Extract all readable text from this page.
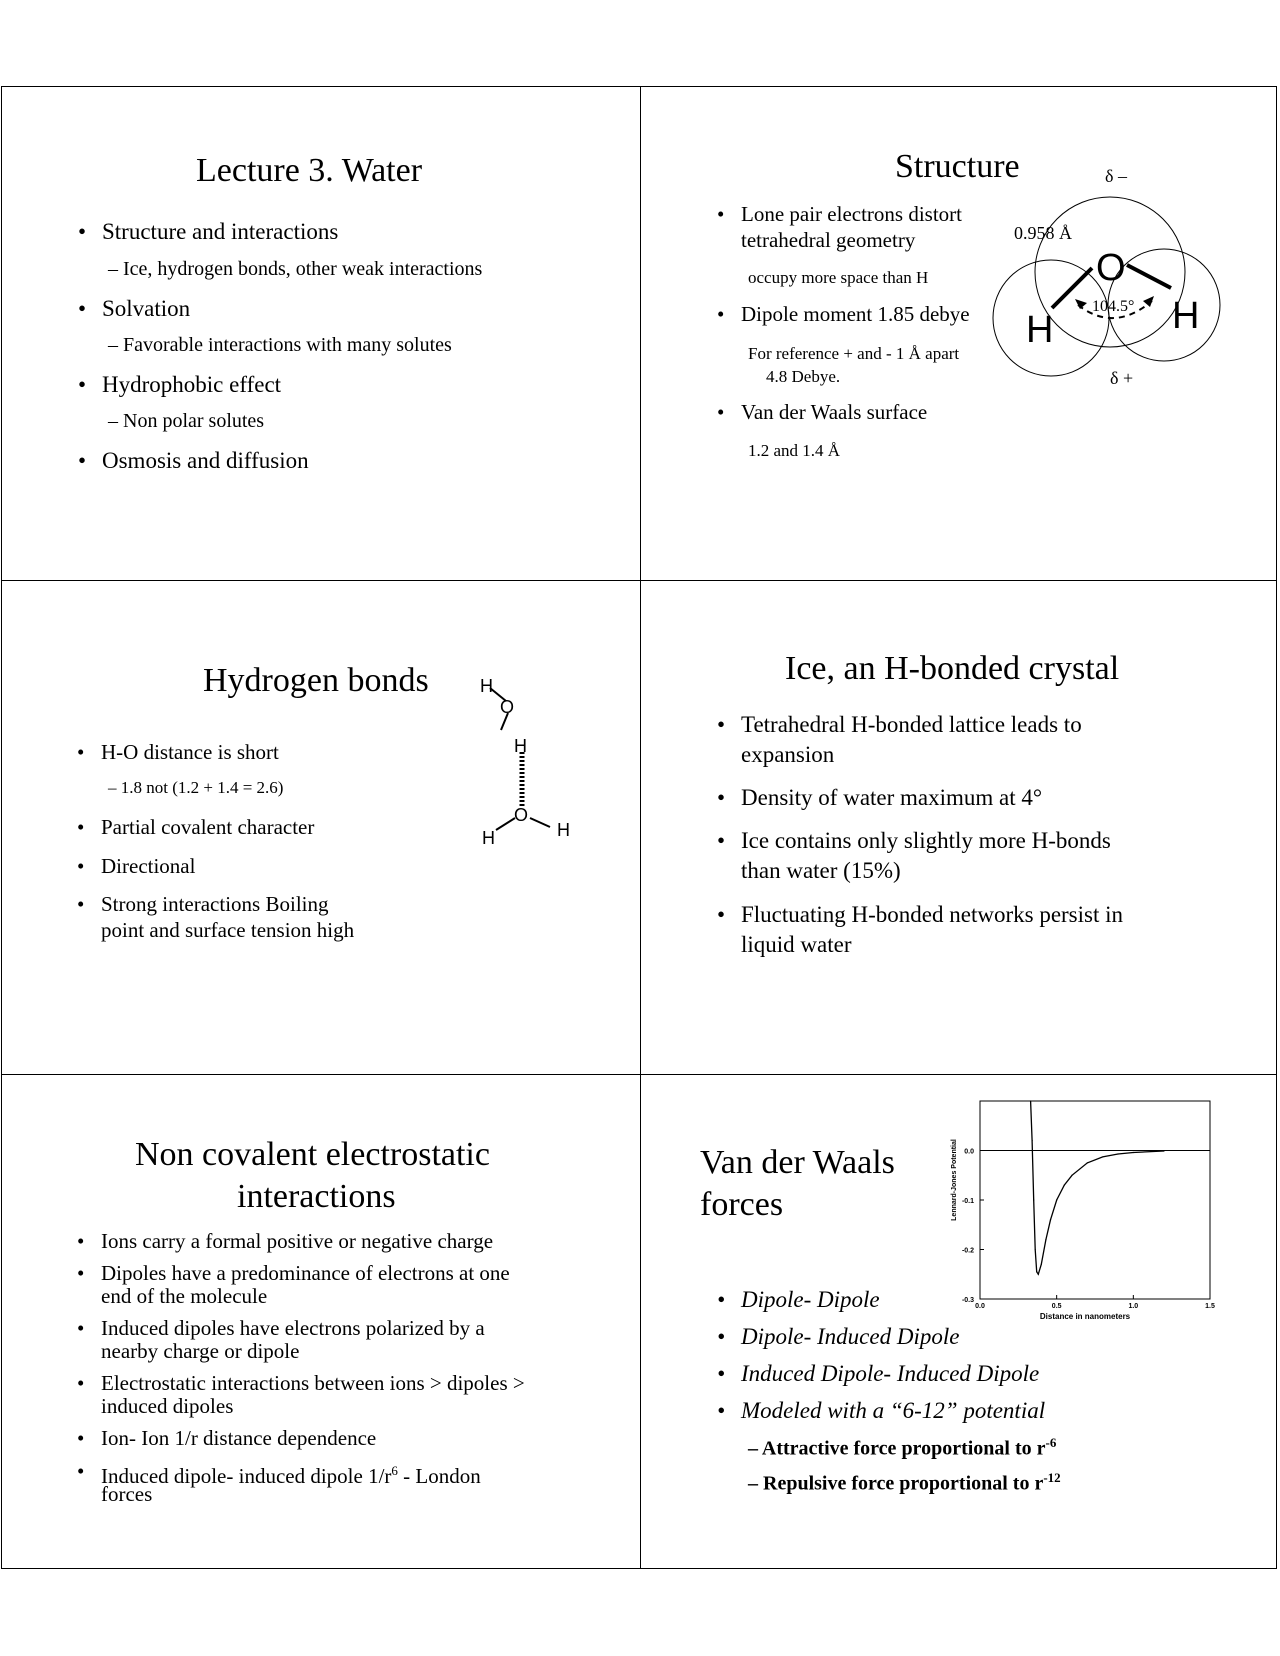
Lecture 3. Water
• Structure and interactions
– Ice, hydrogen bonds, other weak interactions
• Solvation
– Favorable interactions with many solutes
• Hydrophobic effect
– Non polar solutes
• Osmosis and diffusion
Structure
• Lone pair electrons distort
tetrahedral geometry
occupy more space than H
• Dipole moment 1.85 debye
For reference + and - 1 Å apart
4.8 Debye.
• Van der Waals surface
1.2 and 1.4 Å
O
H	H
0.958 Å
104.5°
δ –
δ +
Hydrogen bonds
• H-O distance is short
– 1.8 not (1.2 + 1.4 = 2.6)
• Partial covalent character
• Directional
• Strong interactions Boiling
point and surface tension high
H
O
H
O
H	H
Ice, an H-bonded crystal
• Tetrahedral H-bonded lattice leads to
expansion
• Density of water maximum at 4°
• Ice contains only slightly more H-bonds
than water (15%)
• Fluctuating H-bonded networks persist in
liquid water
Non covalent electrostatic
interactions
• Ions carry a formal positive or negative charge
• Dipoles have a predominance of electrons at one
end of the molecule
• Induced dipoles have electrons polarized by a
nearby charge or dipole
• Electrostatic interactions between ions > dipoles >
induced dipoles
• Ion- Ion 1/r distance dependence
• Induced dipole- induced dipole $1/r^6$ - London
forces
Van der Waals
forces
• Dipole- Dipole
• Dipole- Induced Dipole
• Induced Dipole- Induced Dipole
• Modeled with a “6-12” potential
– Attractive force proportional to $r^{-6}$
– Repulsive force proportional to $r^{-12}$
0.0
-0.1
-0.2
-0.3
0.0	0.5	1.0	1.5
Distance in nanometers
Lennard-Jones Potential
